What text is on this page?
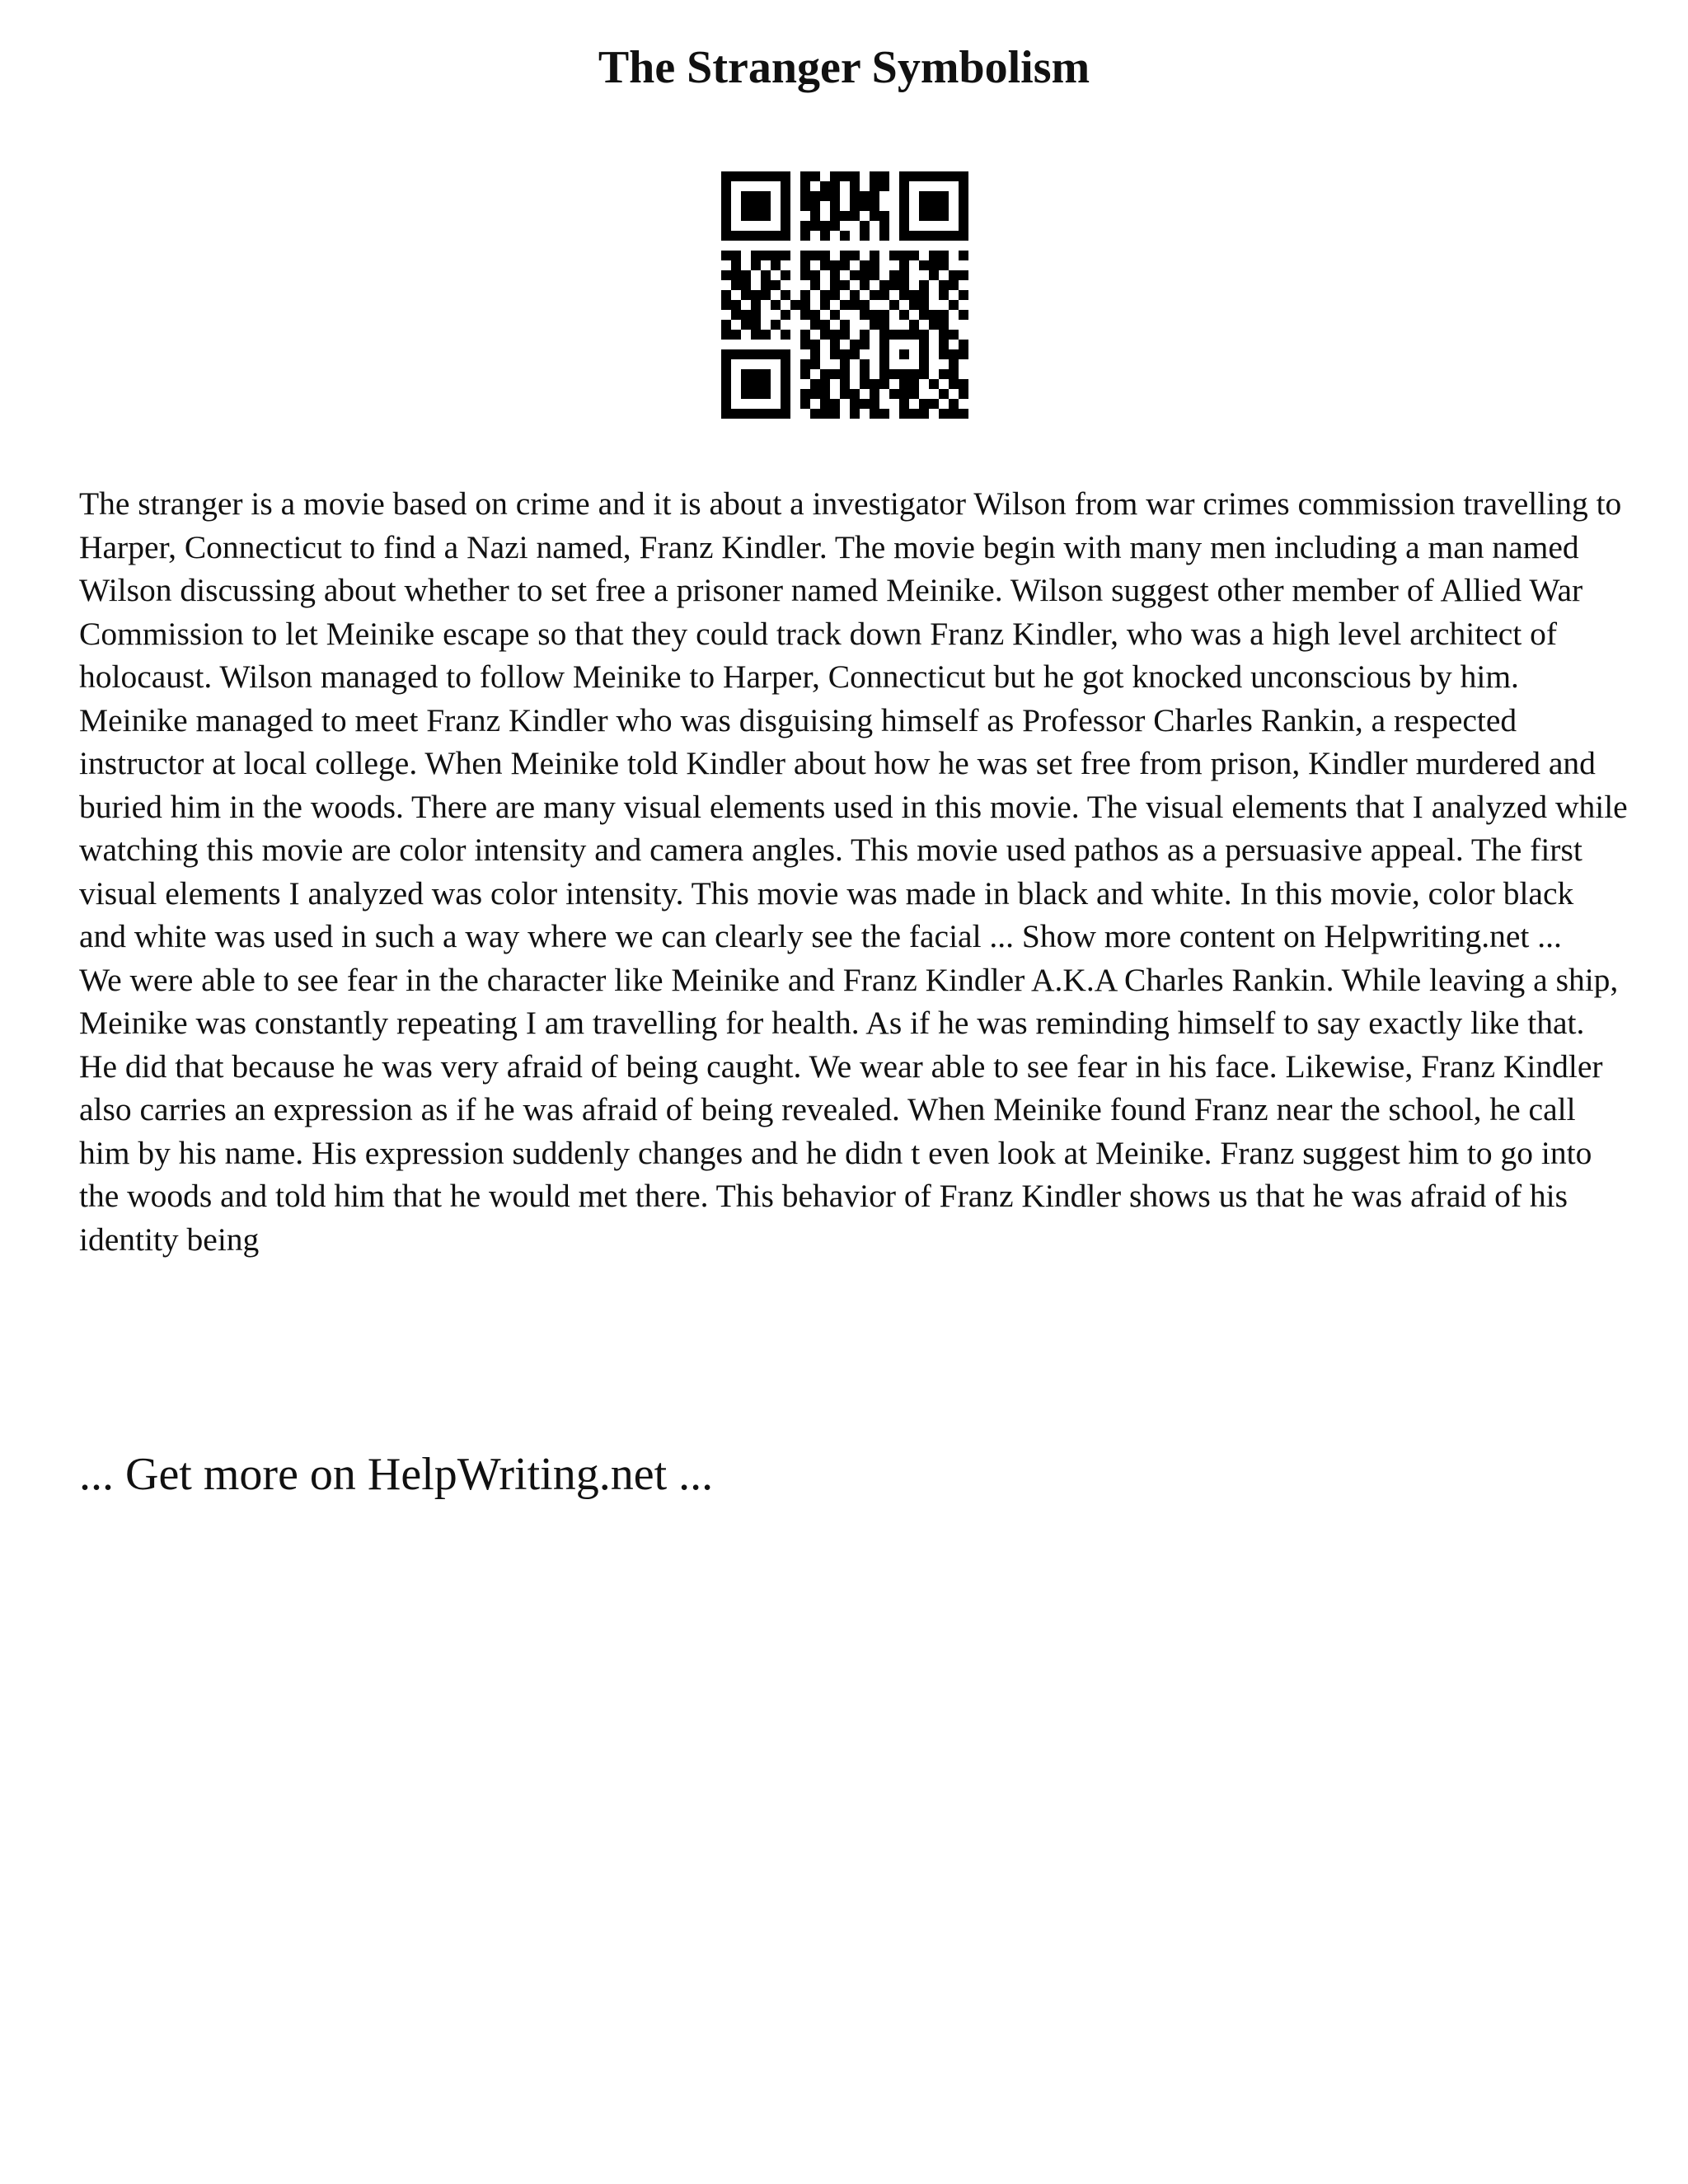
The Stranger Symbolism

The stranger is a movie based on crime and it is about a investigator Wilson from war crimes commission travelling to Harper, Connecticut to find a Nazi named, Franz Kindler. The movie begin with many men including a man named Wilson discussing about whether to set free a prisoner named Meinike. Wilson suggest other member of Allied War Commission to let Meinike escape so that they could track down Franz Kindler, who was a high level architect of holocaust. Wilson managed to follow Meinike to Harper, Connecticut but he got knocked unconscious by him. Meinike managed to meet Franz Kindler who was disguising himself as Professor Charles Rankin, a respected instructor at local college. When Meinike told Kindler about how he was set free from prison, Kindler murdered and buried him in the woods. There are many visual elements used in this movie. The visual elements that I analyzed while watching this movie are color intensity and camera angles. This movie used pathos as a persuasive appeal. The first visual elements I analyzed was color intensity. This movie was made in black and white. In this movie, color black and white was used in such a way where we can clearly see the facial ... Show more content on Helpwriting.net ...

We were able to see fear in the character like Meinike and Franz Kindler A.K.A Charles Rankin. While leaving a ship, Meinike was constantly repeating I am travelling for health. As if he was reminding himself to say exactly like that. He did that because he was very afraid of being caught. We wear able to see fear in his face. Likewise, Franz Kindler also carries an expression as if he was afraid of being revealed. When Meinike found Franz near the school, he call him by his name. His expression suddenly changes and he didn t even look at Meinike. Franz suggest him to go into the woods and told him that he would met there. This behavior of Franz Kindler shows us that he was afraid of his identity being

... Get more on HelpWriting.net ...
